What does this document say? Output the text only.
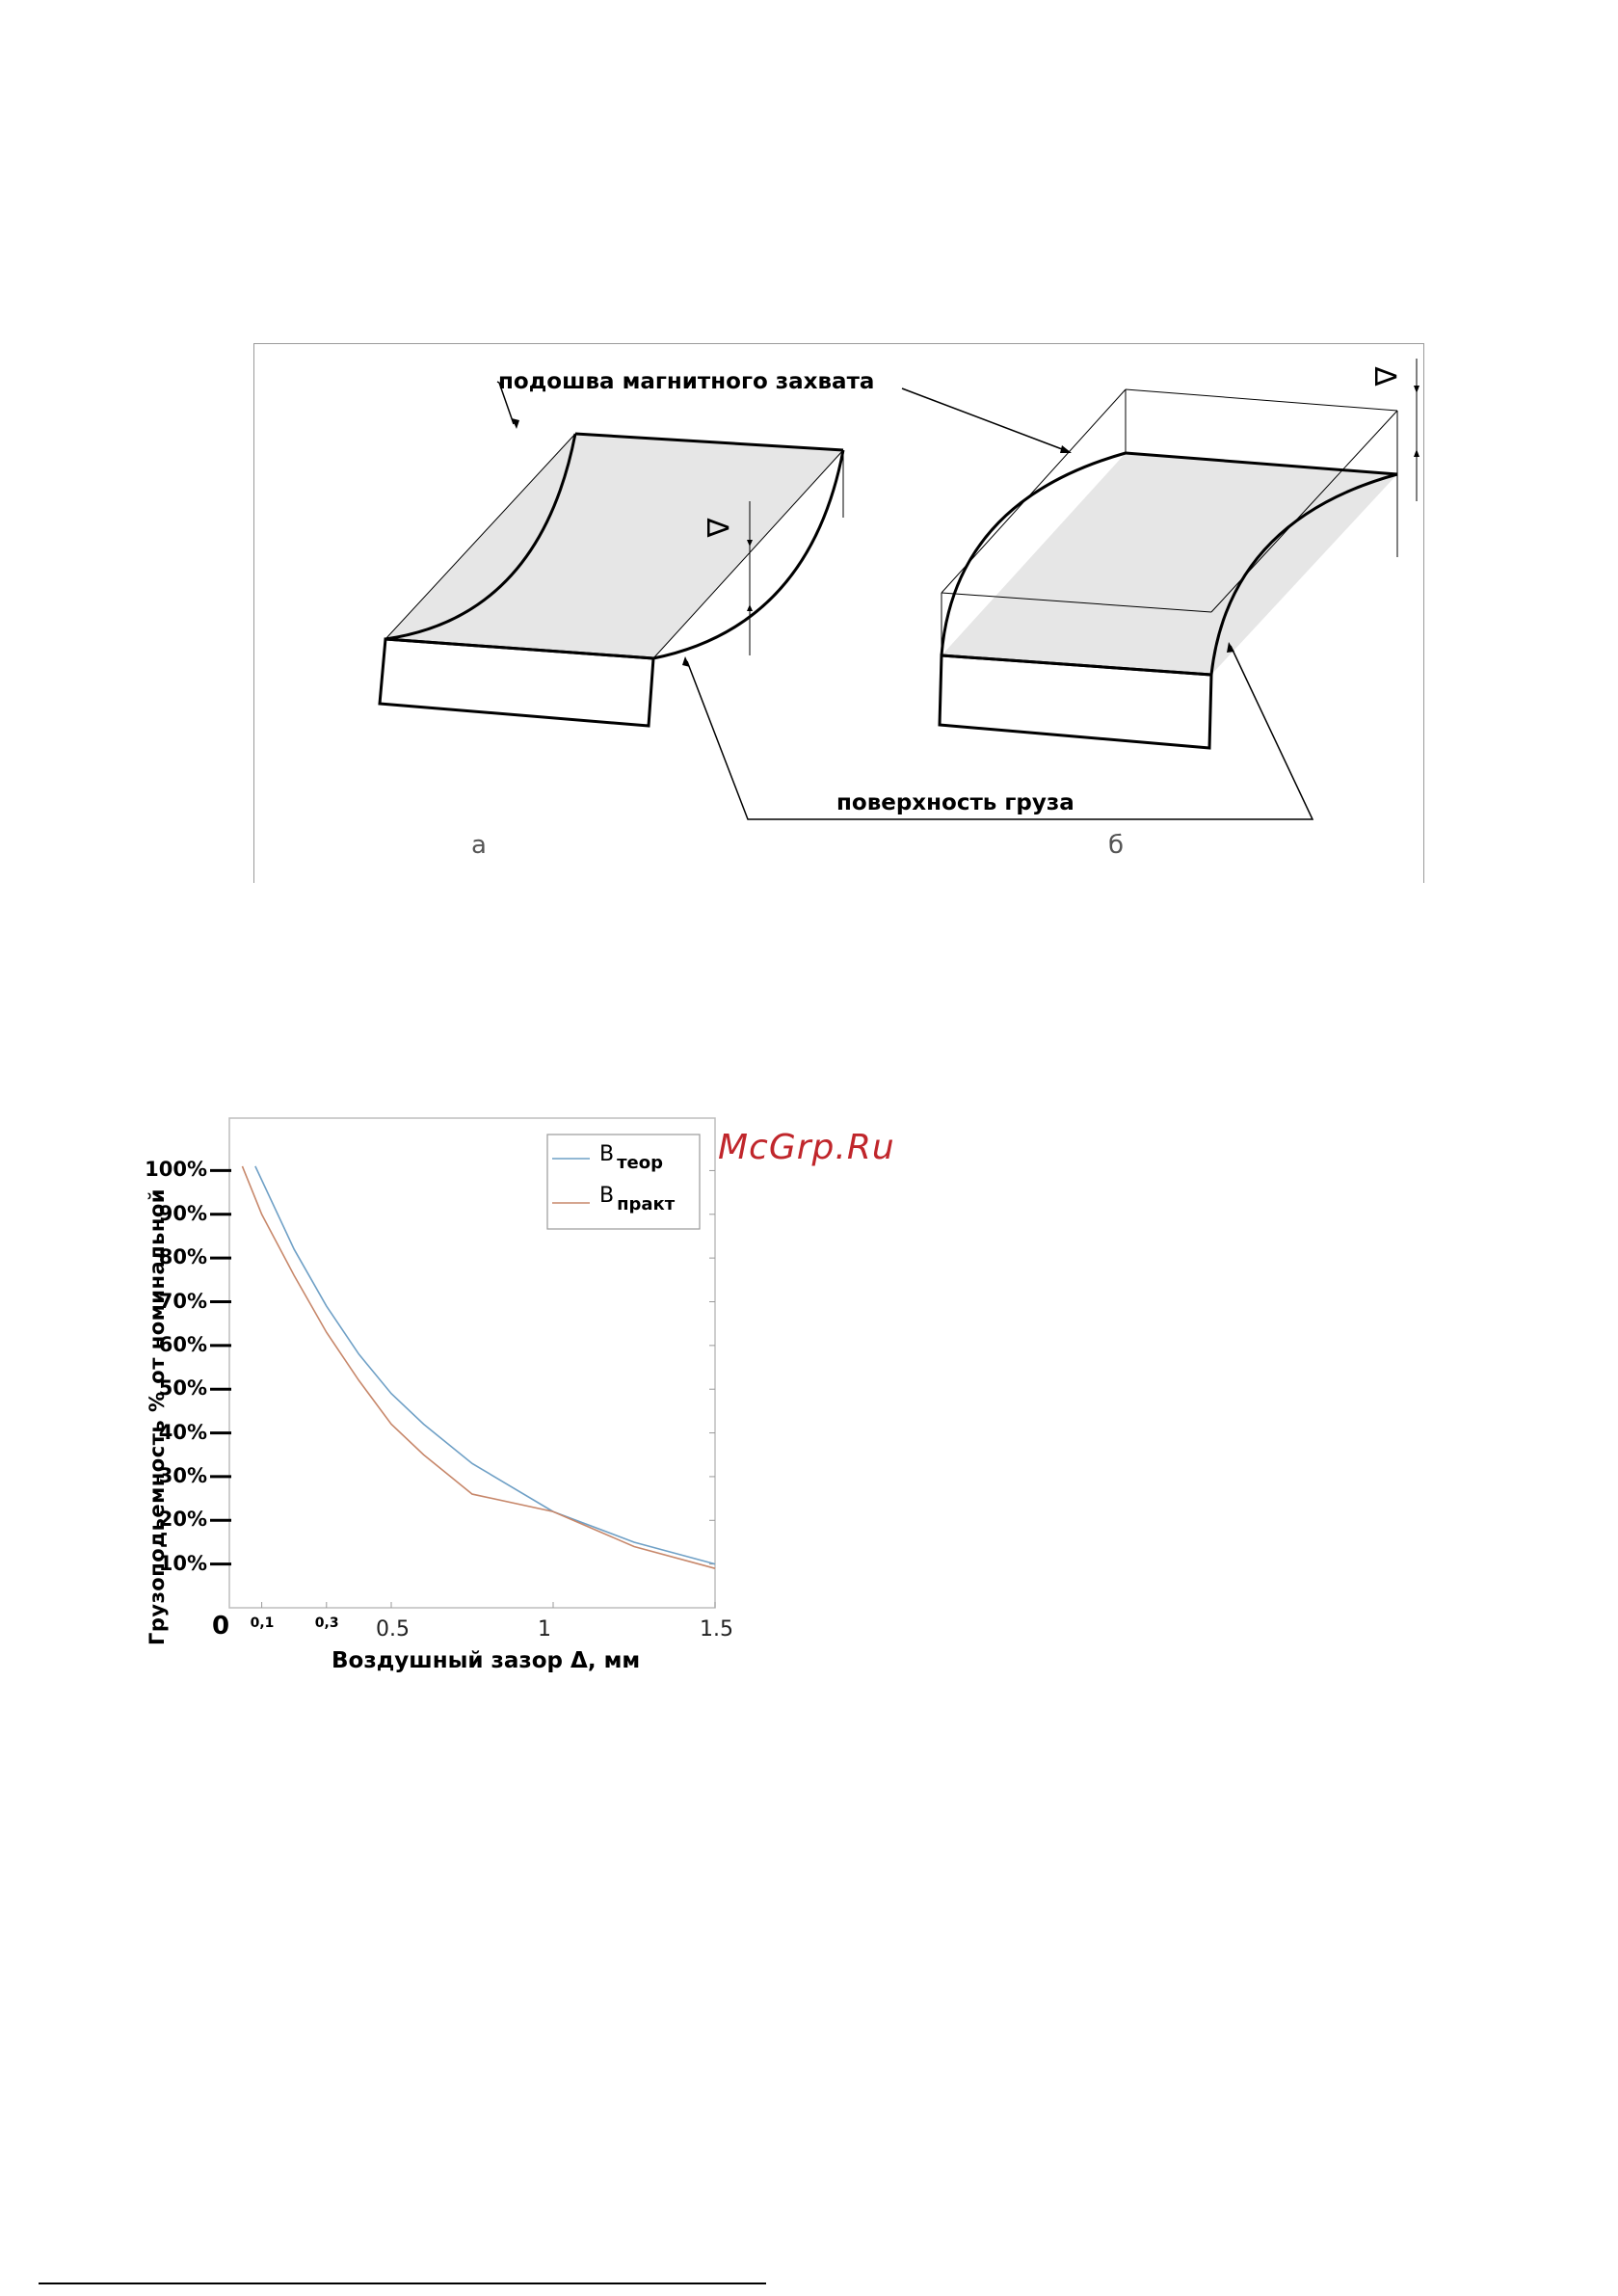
подошва магнитного захвата
поверхность груза
Δ
Δ
а	б
McGrp.Ru
Грузоподьемность % от номинальной
B $_{теор}$
B $_{практ}$
10%
20%
30%
40%
50%
60%
70%
80%
90%
100%
0,1	0,3 0.5	1	1.5
0
Воздушный зазор Δ, мм
